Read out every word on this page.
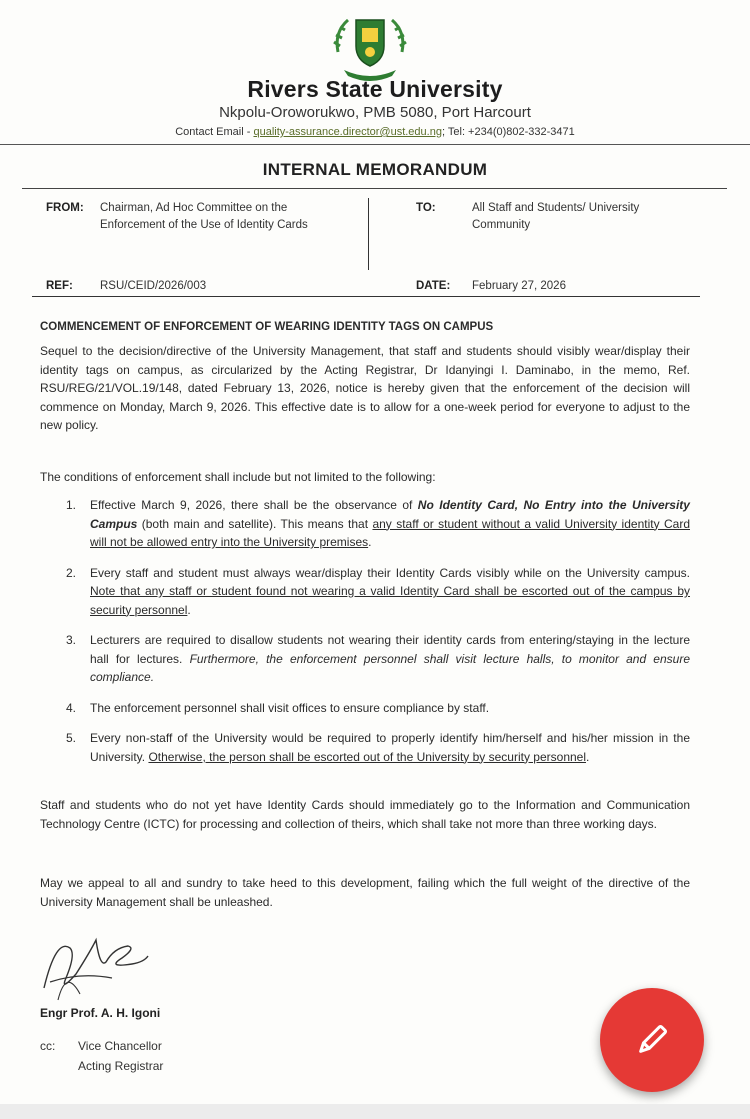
Rivers State University
Nkpolu-Oroworukwo, PMB 5080, Port Harcourt
Contact Email - quality-assurance.director@ust.edu.ng; Tel: +234(0)802-332-3471
INTERNAL MEMORANDUM
FROM: Chairman, Ad Hoc Committee on the Enforcement of the Use of Identity Cards
TO:	All Staff and Students/ University Community
REF: RSU/CEID/2026/003	DATE: February 27, 2026
COMMENCEMENT OF ENFORCEMENT OF WEARING IDENTITY TAGS ON CAMPUS
Sequel to the decision/directive of the University Management, that staff and students should visibly wear/display their identity tags on campus, as circularized by the Acting Registrar, Dr Idanyingi I. Daminabo, in the memo, Ref. RSU/REG/21/VOL.19/148, dated February 13, 2026, notice is hereby given that the enforcement of the decision will commence on Monday, March 9, 2026. This effective date is to allow for a one-week period for everyone to adjust to the new policy.
The conditions of enforcement shall include but not limited to the following:
1. Effective March 9, 2026, there shall be the observance of No Identity Card, No Entry into the University Campus (both main and satellite). This means that any staff or student without a valid University identity Card will not be allowed entry into the University premises.
2. Every staff and student must always wear/display their Identity Cards visibly while on the University campus. Note that any staff or student found not wearing a valid Identity Card shall be escorted out of the campus by security personnel.
3. Lecturers are required to disallow students not wearing their identity cards from entering/staying in the lecture hall for lectures. Furthermore, the enforcement personnel shall visit lecture halls, to monitor and ensure compliance.
4. The enforcement personnel shall visit offices to ensure compliance by staff.
5. Every non-staff of the University would be required to properly identify him/herself and his/her mission in the University. Otherwise, the person shall be escorted out of the University by security personnel.
Staff and students who do not yet have Identity Cards should immediately go to the Information and Communication Technology Centre (ICTC) for processing and collection of theirs, which shall take not more than three working days.
May we appeal to all and sundry to take heed to this development, failing which the full weight of the directive of the University Management shall be unleashed.
Engr Prof. A. H. Igoni
cc: Vice Chancellor
Acting Registrar
